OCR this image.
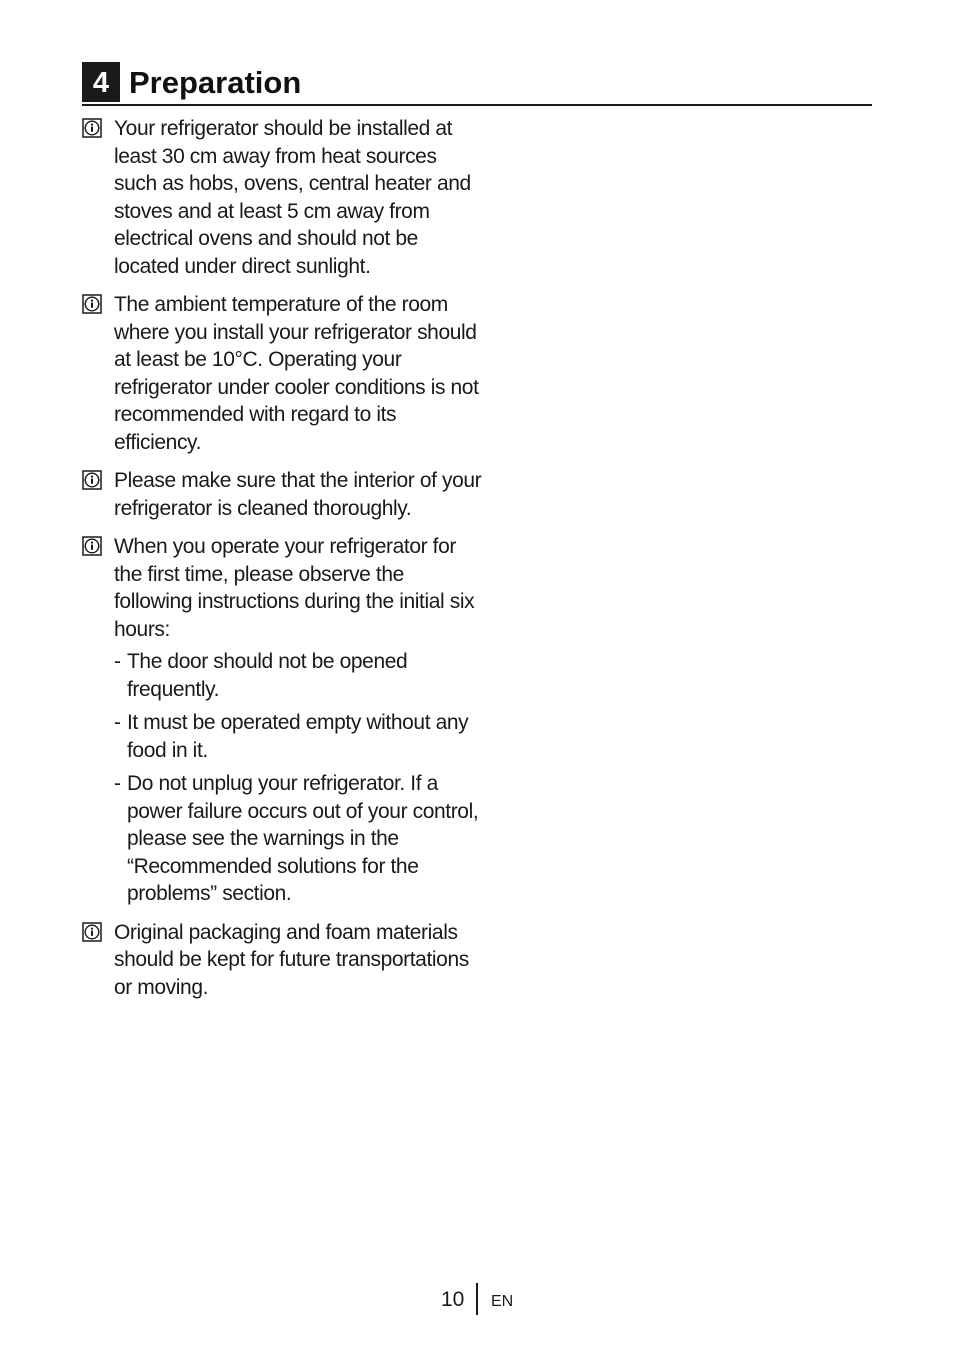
4 Preparation
Your refrigerator should be installed at least 30 cm away from heat sources such as hobs, ovens, central heater and stoves and at least 5 cm away from electrical ovens and should not be located under direct sunlight.
The ambient temperature of the room where you install your refrigerator should at least be 10°C. Operating your refrigerator under cooler conditions is not recommended with regard to its efficiency.
Please make sure that the interior of your refrigerator is cleaned thoroughly.
When you operate your refrigerator for the first time, please observe the following instructions during the initial six hours:
- The door should not be opened frequently.
- It must be operated empty without any food in it.
- Do not unplug your refrigerator. If a power failure occurs out of your control, please see the warnings in the “Recommended solutions for the problems” section.
Original packaging and foam materials should be kept for future transportations or moving.
10 EN
